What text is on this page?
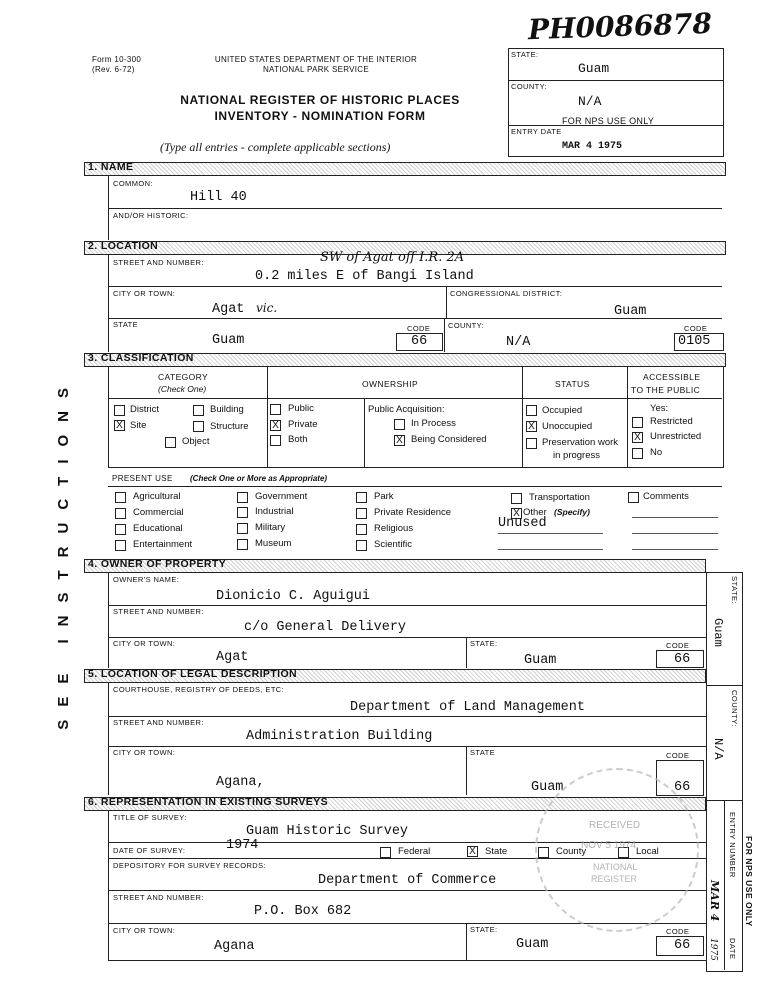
Form 10-300
(Rev. 6-72)
UNITED STATES DEPARTMENT OF THE INTERIOR
NATIONAL PARK SERVICE
NATIONAL REGISTER OF HISTORIC PLACES
INVENTORY - NOMINATION FORM
(Type all entries - complete applicable sections)
PH0086878
STATE:
Guam
COUNTY:
N/A
FOR NPS USE ONLY
ENTRY DATE
MAR 4 1975
SEE INSTRUCTIONS
1. NAME
COMMON:
Hill 40
AND/OR HISTORIC:
2. LOCATION
STREET AND NUMBER:	SW of Agat off I.R. 2A
0.2 miles E of Bangi Island
CITY OR TOWN:
Agat vic.
CONGRESSIONAL DISTRICT:
Guam
STATE
Guam
CODE
66
COUNTY:
N/A
CODE
0105
3. CLASSIFICATION
CATEGORY
(Check One)	OWNERSHIP	STATUS
ACCESSIBLE
TO THE PUBLIC
District	Building
X Site	Structure
Object
Public
X Private
Both
Public Acquisition:
In Process
X Being Considered
Occupied
X Unoccupied
Preservation work
in progress
Yes:
Restricted
X Unrestricted
No
PRESENT USE (Check One or More as Appropriate)
Agricultural
Commercial
Educational
Entertainment
Government
Industrial
Military
Museum
Park
Private Residence
Religious
Scientific
Transportation
X Other (Specify)
Unused
Comments
4. OWNER OF PROPERTY
OWNER'S NAME:
Dionicio C. Aguigui
STREET AND NUMBER:
c/o General Delivery
CITY OR TOWN:
Agat
STATE:
Guam
CODE
66
STATE:
Guam
COUNTY:
N/A
ENTRY NUMBER
DATE
FOR NPS USE ONLY
MAR 4
1975
5. LOCATION OF LEGAL DESCRIPTION
COURTHOUSE, REGISTRY OF DEEDS, ETC:
Department of Land Management
STREET AND NUMBER:
Administration Building
CITY OR TOWN:
Agana,
STATE
Guam
CODE
66
6. REPRESENTATION IN EXISTING SURVEYS
TITLE OF SURVEY:
Guam Historic Survey
DATE OF SURVEY:	1974	Federal	X State	County	Local
DEPOSITORY FOR SURVEY RECORDS:
Department of Commerce
STREET AND NUMBER:
P.O. Box 682
CITY OR TOWN:
Agana
STATE:
Guam
CODE
66
RECEIVED
NOV 5 1974
NATIONAL
REGISTER
